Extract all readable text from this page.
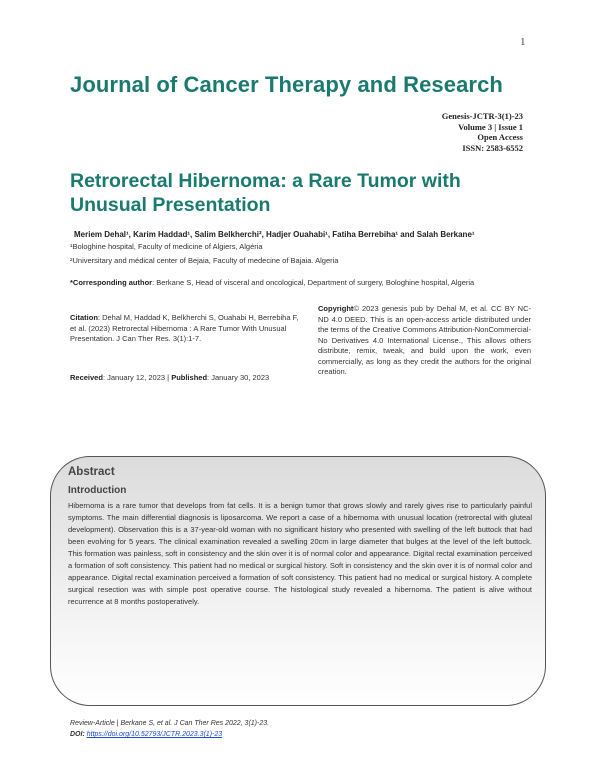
1
Journal of Cancer Therapy and Research
Genesis-JCTR-3(1)-23
Volume 3 | Issue 1
Open Access
ISSN: 2583-6552
Retrorectal Hibernoma: a Rare Tumor with
Unusual Presentation
Meriem Dehal¹, Karim Haddad¹, Salim Belkherchi², Hadjer Ouahabi¹, Fatiha Berrebiha¹ and Salah Berkane¹
¹Bologhine hospital, Faculty of medicine of Algiers, Algéria
²Universitary and médical center of Bejaia, Faculty of medecine of Bajaia. Algeria
*Corresponding author: Berkane S, Head of visceral and oncological, Department of surgery, Bologhine hospital, Algeria
Citation: Dehal M, Haddad K, Belkherchi S, Ouahabi H, Berrebiha F, et al. (2023) Retrorectal Hibernoma : A Rare Tumor With Unusual Presentation. J Can Ther Res. 3(1):1-7.
Received: January 12, 2023 | Published: January 30, 2023
Copyright© 2023 genesis pub by Dehal M, et al. CC BY NC-ND 4.0 DEED. This is an open-access article distributed under the terms of the Creative Commons Attribution-NonCommercial-No Derivatives 4.0 International License., This allows others distribute, remix, tweak, and build upon the work, even commercially, as long as they credit the authors for the original creation.
Abstract
Introduction
Hibernoma is a rare tumor that develops from fat cells. It is a benign tumor that grows slowly and rarely gives rise to particularly painful symptoms. The main differential diagnosis is liposarcoma. We report a case of a hibernoma with unusual location (retrorectal with gluteal development). Observation this is a 37-year-old woman with no significant history who presented with swelling of the left buttock that had been evolving for 5 years. The clinical examination revealed a swelling 20cm in large diameter that bulges at the level of the left buttock. This formation was painless, soft in consistency and the skin over it is of normal color and appearance. Digital rectal examination perceived a formation of soft consistency. This patient had no medical or surgical history. Soft in consistency and the skin over it is of normal color and appearance. Digital rectal examination perceived a formation of soft consistency. This patient had no medical or surgical history. A complete surgical resection was with simple post operative course. The histological study revealed a hibernoma. The patient is alive without recurrence at 8 months postoperatively.
Review-Article | Berkane S, et al. J Can Ther Res 2022, 3(1)-23.
DOI: https://doi.org/10.52793/JCTR.2023.3(1)-23
